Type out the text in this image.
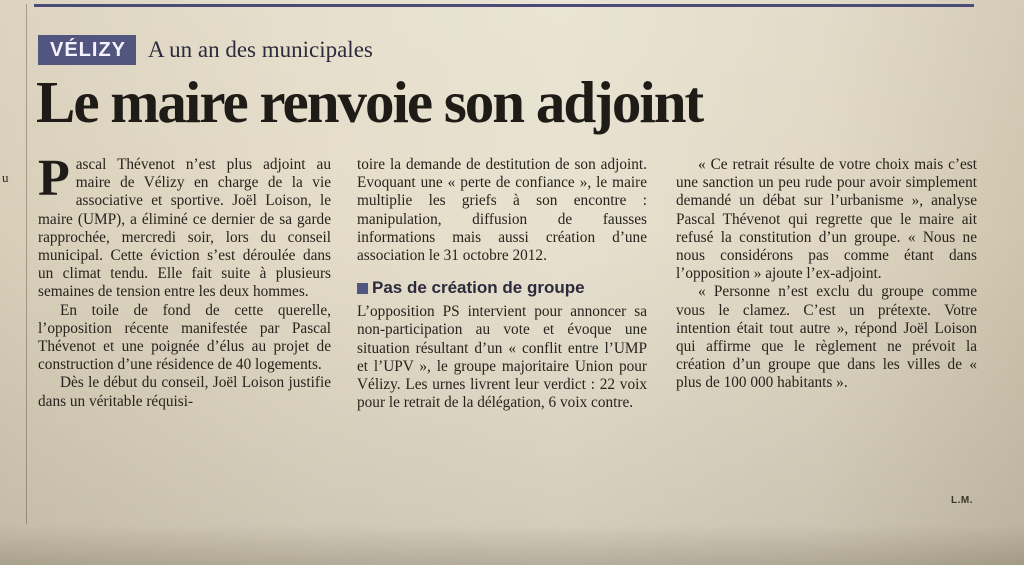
u
VÉLIZY A un an des municipales
Le maire renvoie son adjoint

Pascal Thévenot n’est plus adjoint au maire de Vélizy en charge de la vie associative et sportive. Joël Loison, le maire (UMP), a éliminé ce dernier de sa garde rapprochée, mercredi soir, lors du conseil municipal. Cette éviction s’est déroulée dans un climat tendu. Elle fait suite à plusieurs semaines de tension entre les deux hommes.

En toile de fond de cette querelle, l’opposition récente manifestée par Pascal Thévenot et une poignée d’élus au projet de construction d’une résidence de 40 logements.

Dès le début du conseil, Joël Loison justifie dans un véritable réquisi-

toire la demande de destitution de son adjoint. Evoquant une « perte de confiance », le maire multiplie les griefs à son encontre : manipulation, diffusion de fausses informations mais aussi création d’une association le 31 octobre 2012.

Pas de création de groupe

L’opposition PS intervient pour annoncer sa non-participation au vote et évoque une situation résultant d’un « conflit entre l’UMP et l’UPV », le groupe majoritaire Union pour Vélizy. Les urnes livrent leur verdict : 22 voix pour le retrait de la délégation, 6 voix contre.

« Ce retrait résulte de votre choix mais c’est une sanction un peu rude pour avoir simplement demandé un débat sur l’urbanisme », analyse Pascal Thévenot qui regrette que le maire ait refusé la constitution d’un groupe. « Nous ne nous considérons pas comme étant dans l’opposition » ajoute l’ex-adjoint.

« Personne n’est exclu du groupe comme vous le clamez. C’est un prétexte. Votre intention était tout autre », répond Joël Loison qui affirme que le règlement ne prévoit la création d’un groupe que dans les villes de « plus de 100 000 habitants ».

L.M.
